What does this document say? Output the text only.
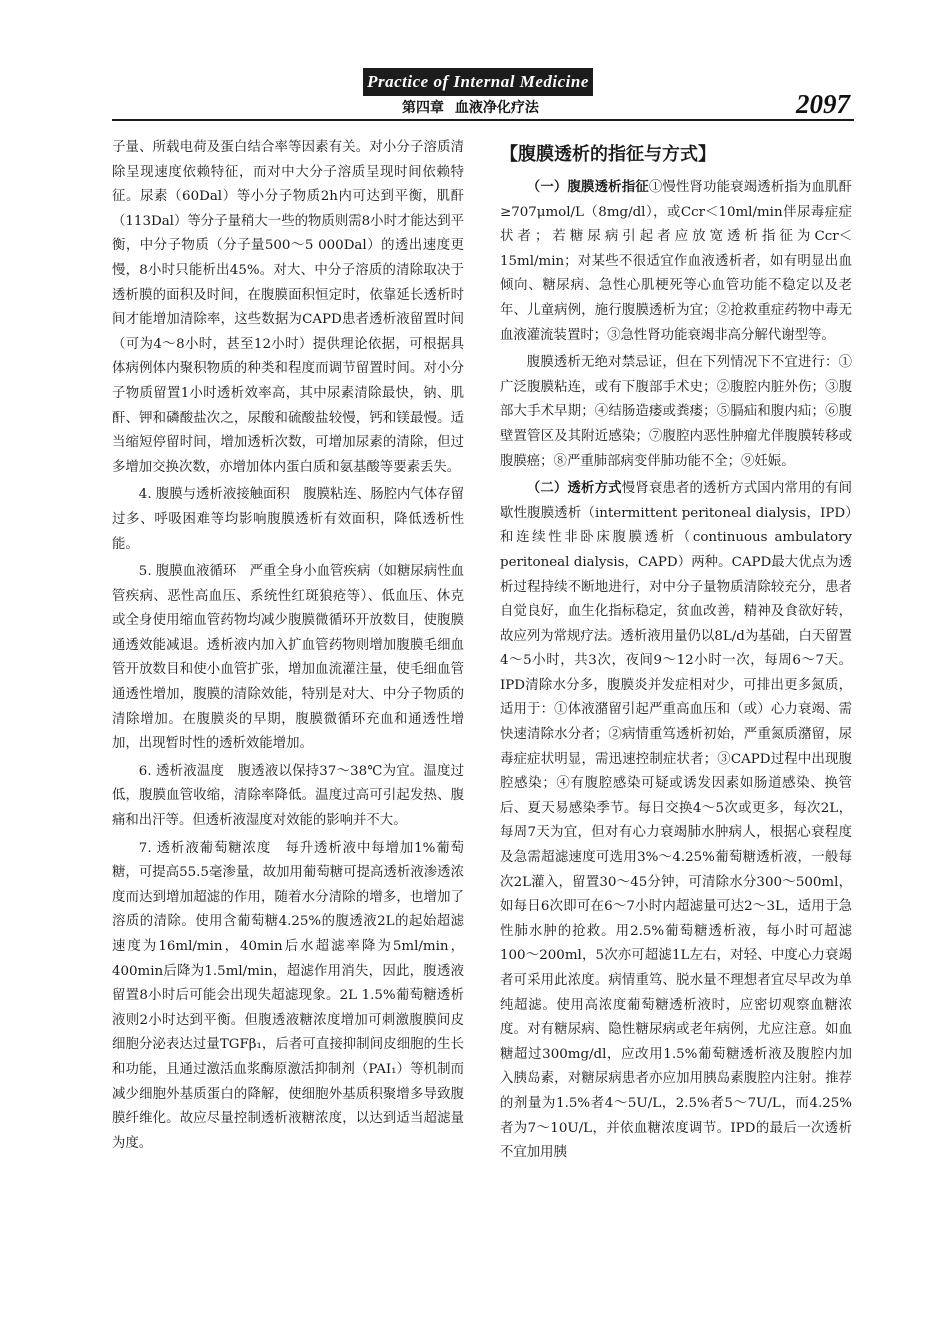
Practice of Internal Medicine
第四章 血液净化疗法	2097

子量、所载电荷及蛋白结合率等因素有关。对小分子溶质清除呈现速度依赖特征，而对中大分子溶质呈现时间依赖特征。尿素（60Dal）等小分子物质2h内可达到平衡，肌酐（113Dal）等分子量稍大一些的物质则需8小时才能达到平衡，中分子物质（分子量500～5 000Dal）的透出速度更慢，8小时只能析出45%。对大、中分子溶质的清除取决于透析膜的面积及时间，在腹膜面积恒定时，依靠延长透析时间才能增加清除率，这些数据为CAPD患者透析液留置时间（可为4～8小时，甚至12小时）提供理论依据，可根据具体病例体内聚积物质的种类和程度而调节留置时间。对小分子物质留置1小时透析效率高，其中尿素清除最快，钠、肌酐、钾和磷酸盐次之，尿酸和硫酸盐较慢，钙和镁最慢。适当缩短停留时间，增加透析次数，可增加尿素的清除，但过多增加交换次数，亦增加体内蛋白质和氨基酸等要素丢失。

4. 腹膜与透析液接触面积　腹膜粘连、肠腔内气体存留过多、呼吸困难等均影响腹膜透析有效面积，降低透析性能。

5. 腹膜血液循环　严重全身小血管疾病（如糖尿病性血管疾病、恶性高血压、系统性红斑狼疮等）、低血压、休克或全身使用缩血管药物均减少腹膜微循环开放数目，使腹膜通透效能减退。透析液内加入扩血管药物则增加腹膜毛细血管开放数目和使小血管扩张，增加血流灌注量，使毛细血管通透性增加，腹膜的清除效能，特别是对大、中分子物质的清除增加。在腹膜炎的早期，腹膜微循环充血和通透性增加，出现暂时性的透析效能增加。

6. 透析液温度　腹透液以保持37～38℃为宜。温度过低，腹膜血管收缩，清除率降低。温度过高可引起发热、腹痛和出汗等。但透析液湿度对效能的影响并不大。

7. 透析液葡萄糖浓度　每升透析液中每增加1%葡萄糖，可提高55.5毫渗量，故加用葡萄糖可提高透析液渗透浓度而达到增加超滤的作用，随着水分清除的增多，也增加了溶质的清除。使用含葡萄糖4.25%的腹透液2L的起始超滤速度为16ml/min，40min后水超滤率降为5ml/min，400min后降为1.5ml/min，超滤作用消失，因此，腹透液留置8小时后可能会出现失超滤现象。2L 1.5%葡萄糖透析液则2小时达到平衡。但腹透液糖浓度增加可刺激腹膜间皮细胞分泌表达过量TGFβ₁，后者可直接抑制间皮细胞的生长和功能，且通过激活血浆酶原激活抑制剂（PAI₁）等机制而减少细胞外基质蛋白的降解，使细胞外基质积聚增多导致腹膜纤维化。故应尽量控制透析液糖浓度，以达到适当超滤量为度。

【腹膜透析的指征与方式】

（一）腹膜透析指征①慢性肾功能衰竭透析指为血肌酐≥707μmol/L（8mg/dl），或Ccr＜10ml/min伴尿毒症症状者；若糖尿病引起者应放宽透析指征为Ccr＜15ml/min；对某些不很适宜作血液透析者，如有明显出血倾向、糖尿病、急性心肌梗死等心血管功能不稳定以及老年、儿童病例，施行腹膜透析为宜；②抢救重症药物中毒无血液灌流装置时；③急性肾功能衰竭非高分解代谢型等。

腹膜透析无绝对禁忌证，但在下列情况下不宜进行：①广泛腹膜粘连，或有下腹部手术史；②腹腔内脏外伤；③腹部大手术早期；④结肠造瘘或粪瘘；⑤膈疝和腹内疝；⑥腹壁置管区及其附近感染；⑦腹腔内恶性肿瘤尤伴腹膜转移或腹膜癌；⑧严重肺部病变伴肺功能不全；⑨妊娠。

（二）透析方式慢肾衰患者的透析方式国内常用的有间歇性腹膜透析（intermittent peritoneal dialysis，IPD）和连续性非卧床腹膜透析（continuous ambulatory peritoneal dialysis，CAPD）两种。CAPD最大优点为透析过程持续不断地进行，对中分子量物质清除较充分，患者自觉良好，血生化指标稳定，贫血改善，精神及食欲好转，故应列为常规疗法。透析液用量仍以8L/d为基础，白天留置4～5小时，共3次，夜间9～12小时一次，每周6～7天。IPD清除水分多，腹膜炎并发症相对少，可排出更多氮质，适用于：①体液潴留引起严重高血压和（或）心力衰竭、需快速清除水分者；②病情重笃透析初始，严重氮质潴留，尿毒症症状明显，需迅速控制症状者；③CAPD过程中出现腹腔感染；④有腹腔感染可疑或诱发因素如肠道感染、换管后、夏天易感染季节。每日交换4～5次或更多，每次2L，每周7天为宜，但对有心力衰竭肺水肿病人，根据心衰程度及急需超滤速度可选用3%～4.25%葡萄糖透析液，一般每次2L灌入，留置30～45分钟，可清除水分300～500ml，如每日6次即可在6～7小时内超滤量可达2～3L，适用于急性肺水肿的抢救。用2.5%葡萄糖透析液，每小时可超滤100～200ml，5次亦可超滤1L左右，对轻、中度心力衰竭者可采用此浓度。病情重笃、脱水量不理想者宜尽早改为单纯超滤。使用高浓度葡萄糖透析液时，应密切观察血糖浓度。对有糖尿病、隐性糖尿病或老年病例，尤应注意。如血糖超过300mg/dl，应改用1.5%葡萄糖透析液及腹腔内加入胰岛素，对糖尿病患者亦应加用胰岛素腹腔内注射。推荐的剂量为1.5%者4～5U/L，2.5%者5～7U/L，而4.25%者为7～10U/L，并依血糖浓度调节。IPD的最后一次透析不宜加用胰
